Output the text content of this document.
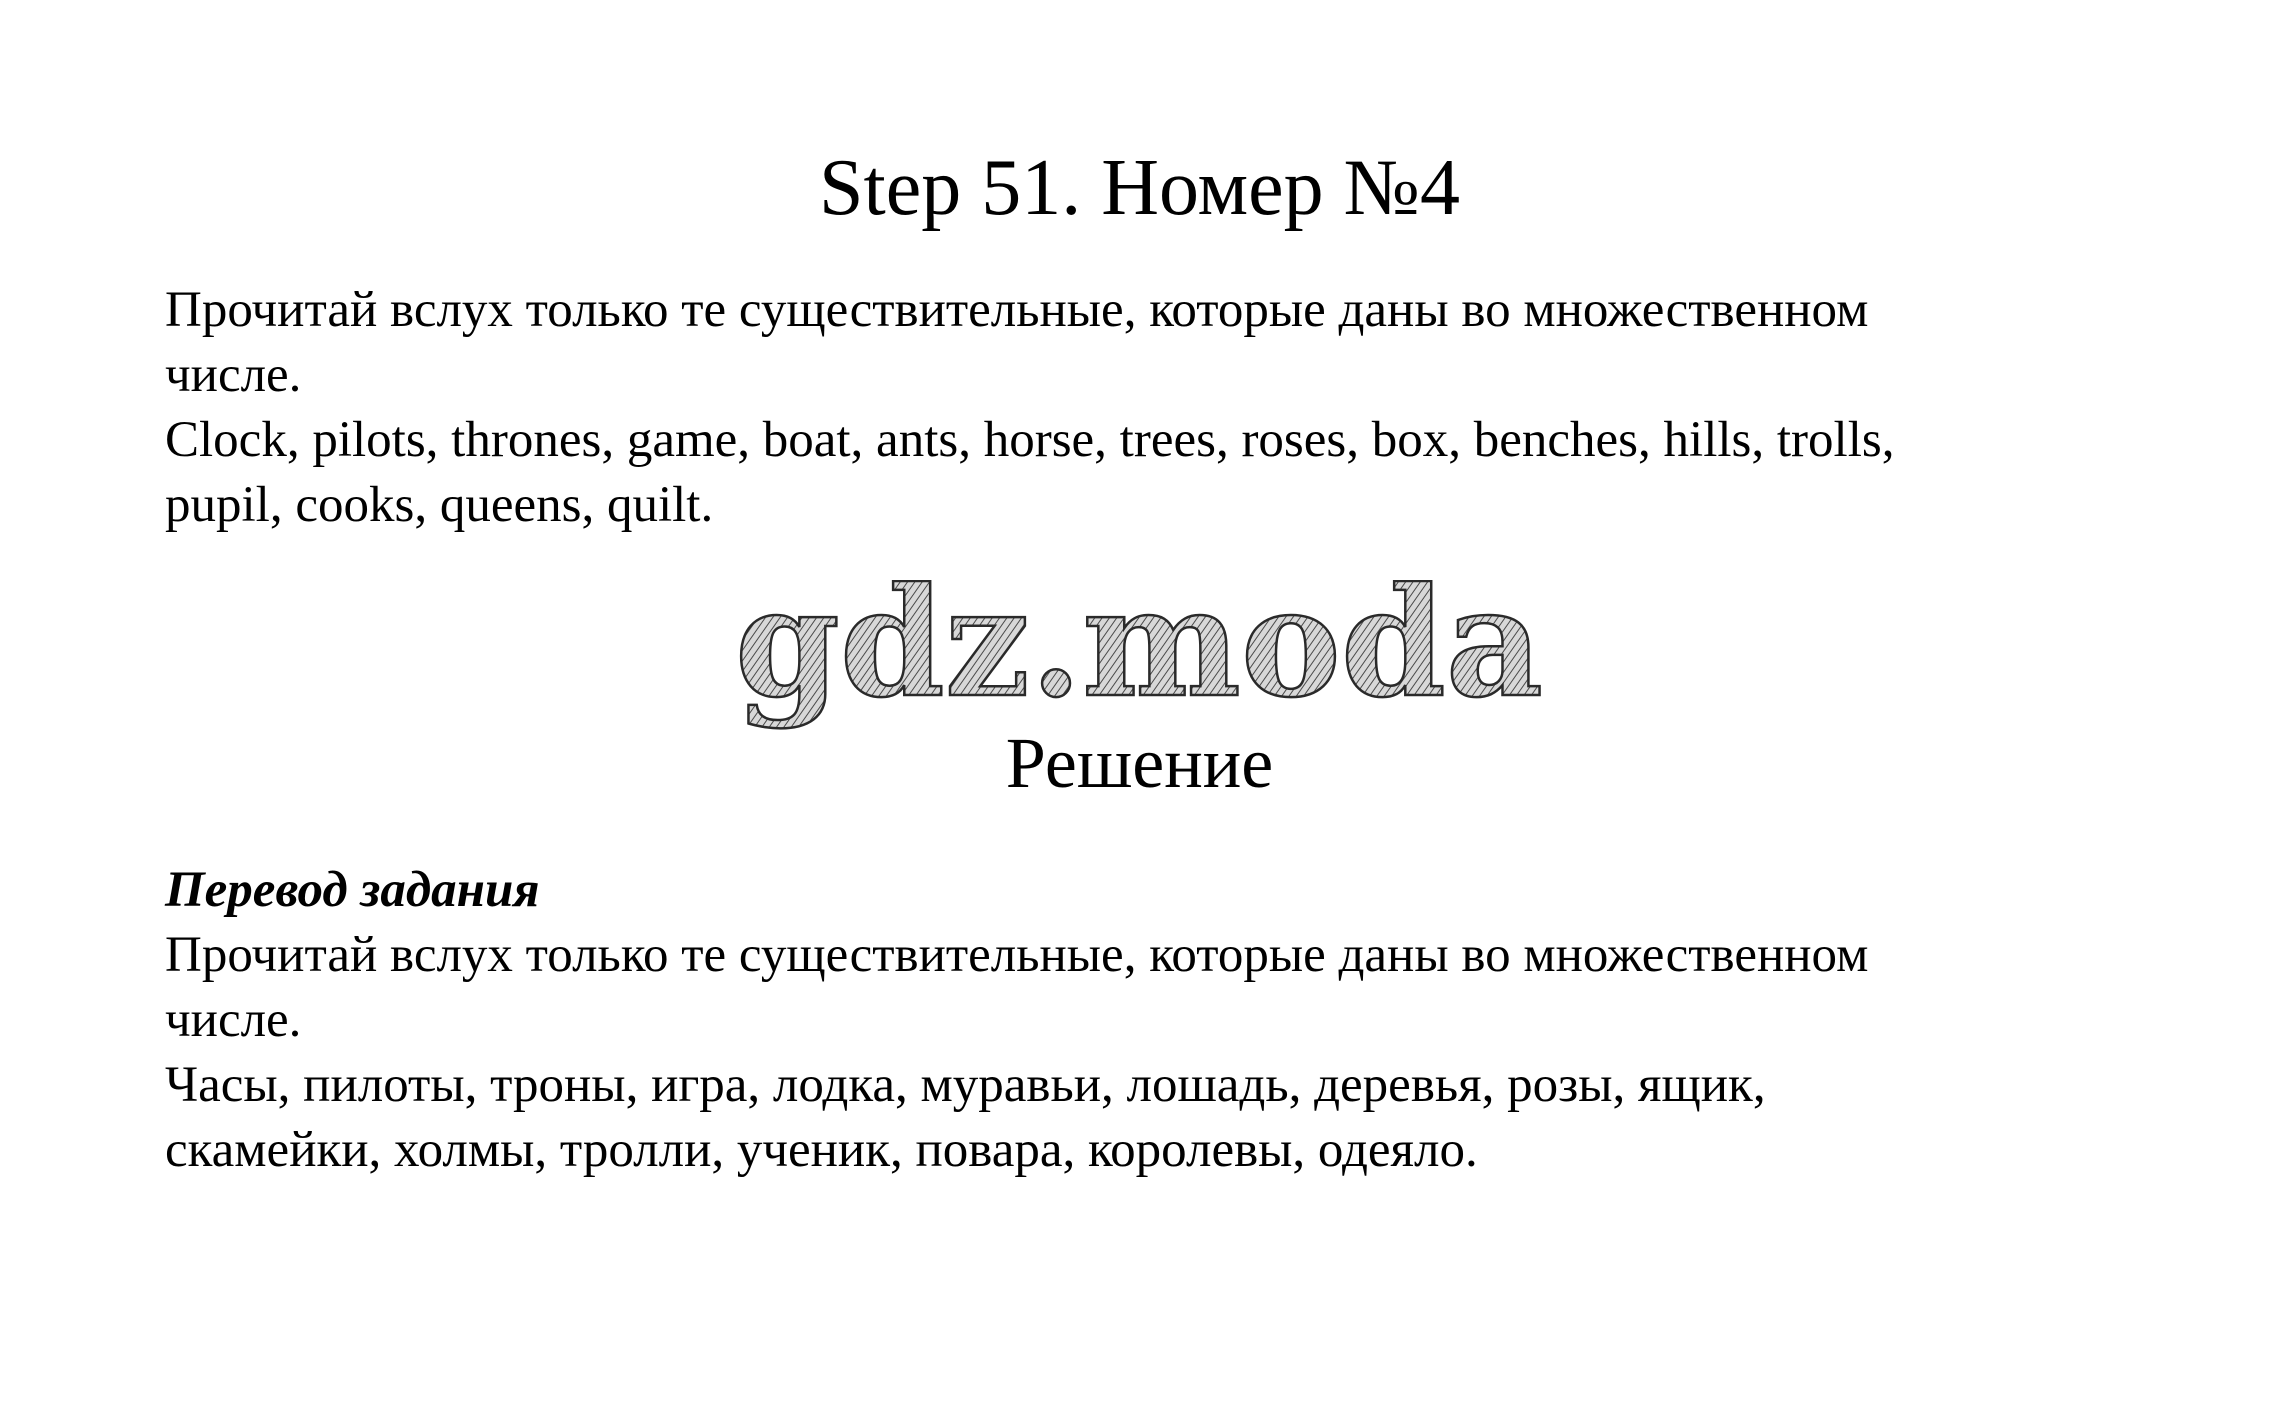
Step 51. Номер №4

Прочитай вслух только те существительные, которые даны во множественном

числе.

Clock, pilots, thrones, game, boat, ants, horse, trees, roses, box, benches, hills, trolls,

pupil, cooks, queens, quilt.

gdz.moda
Решение

Перевод задания

Прочитай вслух только те существительные, которые даны во множественном

числе.

Часы, пилоты, троны, игра, лодка, муравьи, лошадь, деревья, розы, ящик,

скамейки, холмы, тролли, ученик, повара, королевы, одеяло.
